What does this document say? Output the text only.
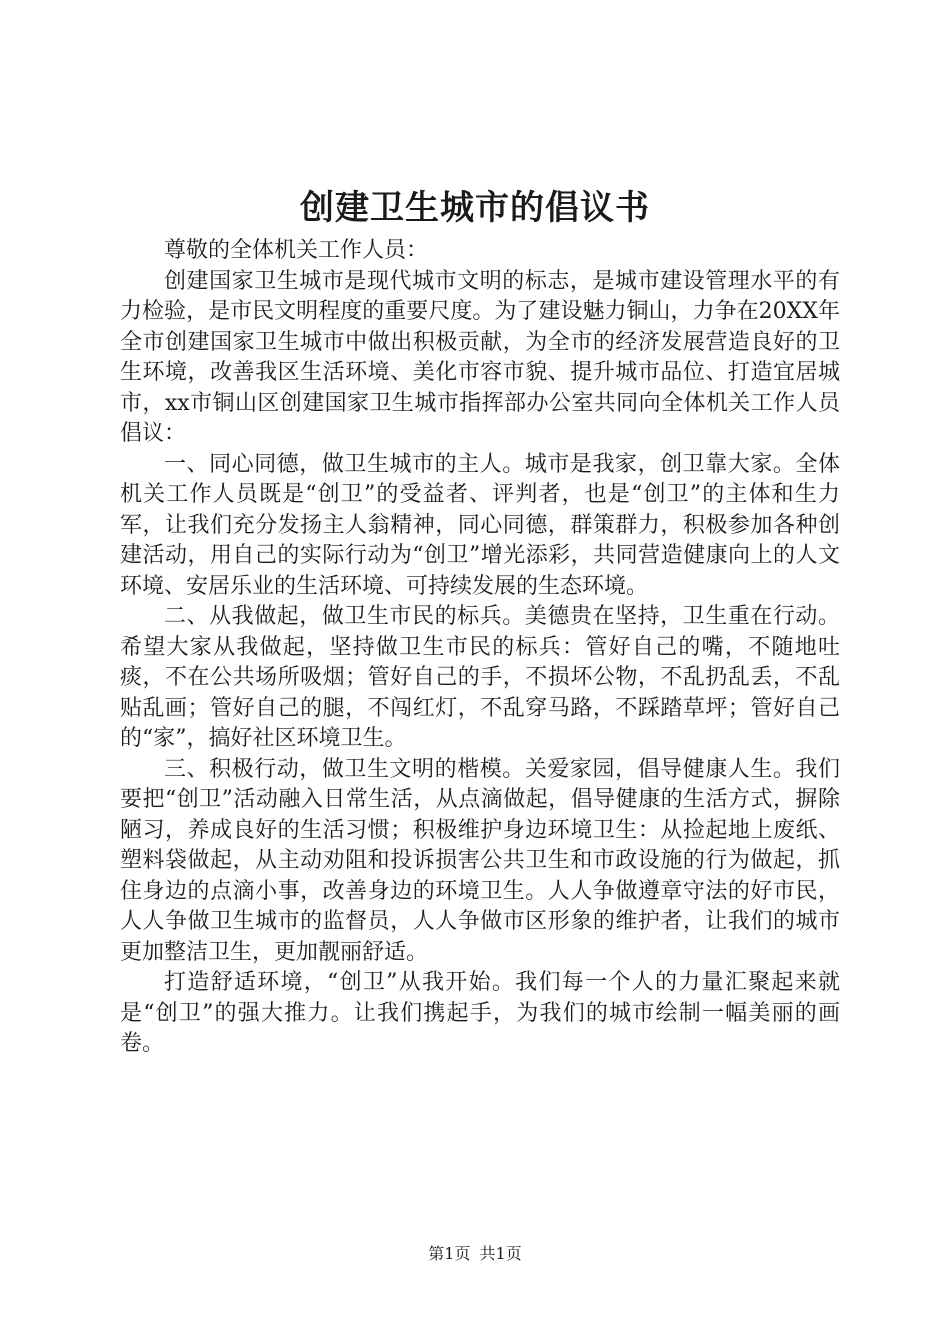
创建卫生城市的倡议书

尊敬的全体机关工作人员：

创建国家卫生城市是现代城市文明的标志，是城市建设管理水平的有力检验，是市民文明程度的重要尺度。为了建设魅力铜山，力争在20XX年全市创建国家卫生城市中做出积极贡献，为全市的经济发展营造良好的卫生环境，改善我区生活环境、美化市容市貌、提升城市品位、打造宜居城市，xx市铜山区创建国家卫生城市指挥部办公室共同向全体机关工作人员倡议：

一、同心同德，做卫生城市的主人。城市是我家，创卫靠大家。全体机关工作人员既是“创卫”的受益者、评判者，也是“创卫”的主体和生力军，让我们充分发扬主人翁精神，同心同德，群策群力，积极参加各种创建活动，用自己的实际行动为“创卫”增光添彩，共同营造健康向上的人文环境、安居乐业的生活环境、可持续发展的生态环境。

二、从我做起，做卫生市民的标兵。美德贵在坚持，卫生重在行动。希望大家从我做起，坚持做卫生市民的标兵：管好自己的嘴，不随地吐痰，不在公共场所吸烟；管好自己的手，不损坏公物，不乱扔乱丢，不乱贴乱画；管好自己的腿，不闯红灯，不乱穿马路，不踩踏草坪；管好自己的“家”，搞好社区环境卫生。

三、积极行动，做卫生文明的楷模。关爱家园，倡导健康人生。我们要把“创卫”活动融入日常生活，从点滴做起，倡导健康的生活方式，摒除陋习，养成良好的生活习惯；积极维护身边环境卫生：从捡起地上废纸、塑料袋做起，从主动劝阻和投诉损害公共卫生和市政设施的行为做起，抓住身边的点滴小事，改善身边的环境卫生。人人争做遵章守法的好市民，人人争做卫生城市的监督员，人人争做市区形象的维护者，让我们的城市更加整洁卫生，更加靓丽舒适。

打造舒适环境，“创卫”从我开始。我们每一个人的力量汇聚起来就是“创卫”的强大推力。让我们携起手，为我们的城市绘制一幅美丽的画卷。

第1页 共1页
